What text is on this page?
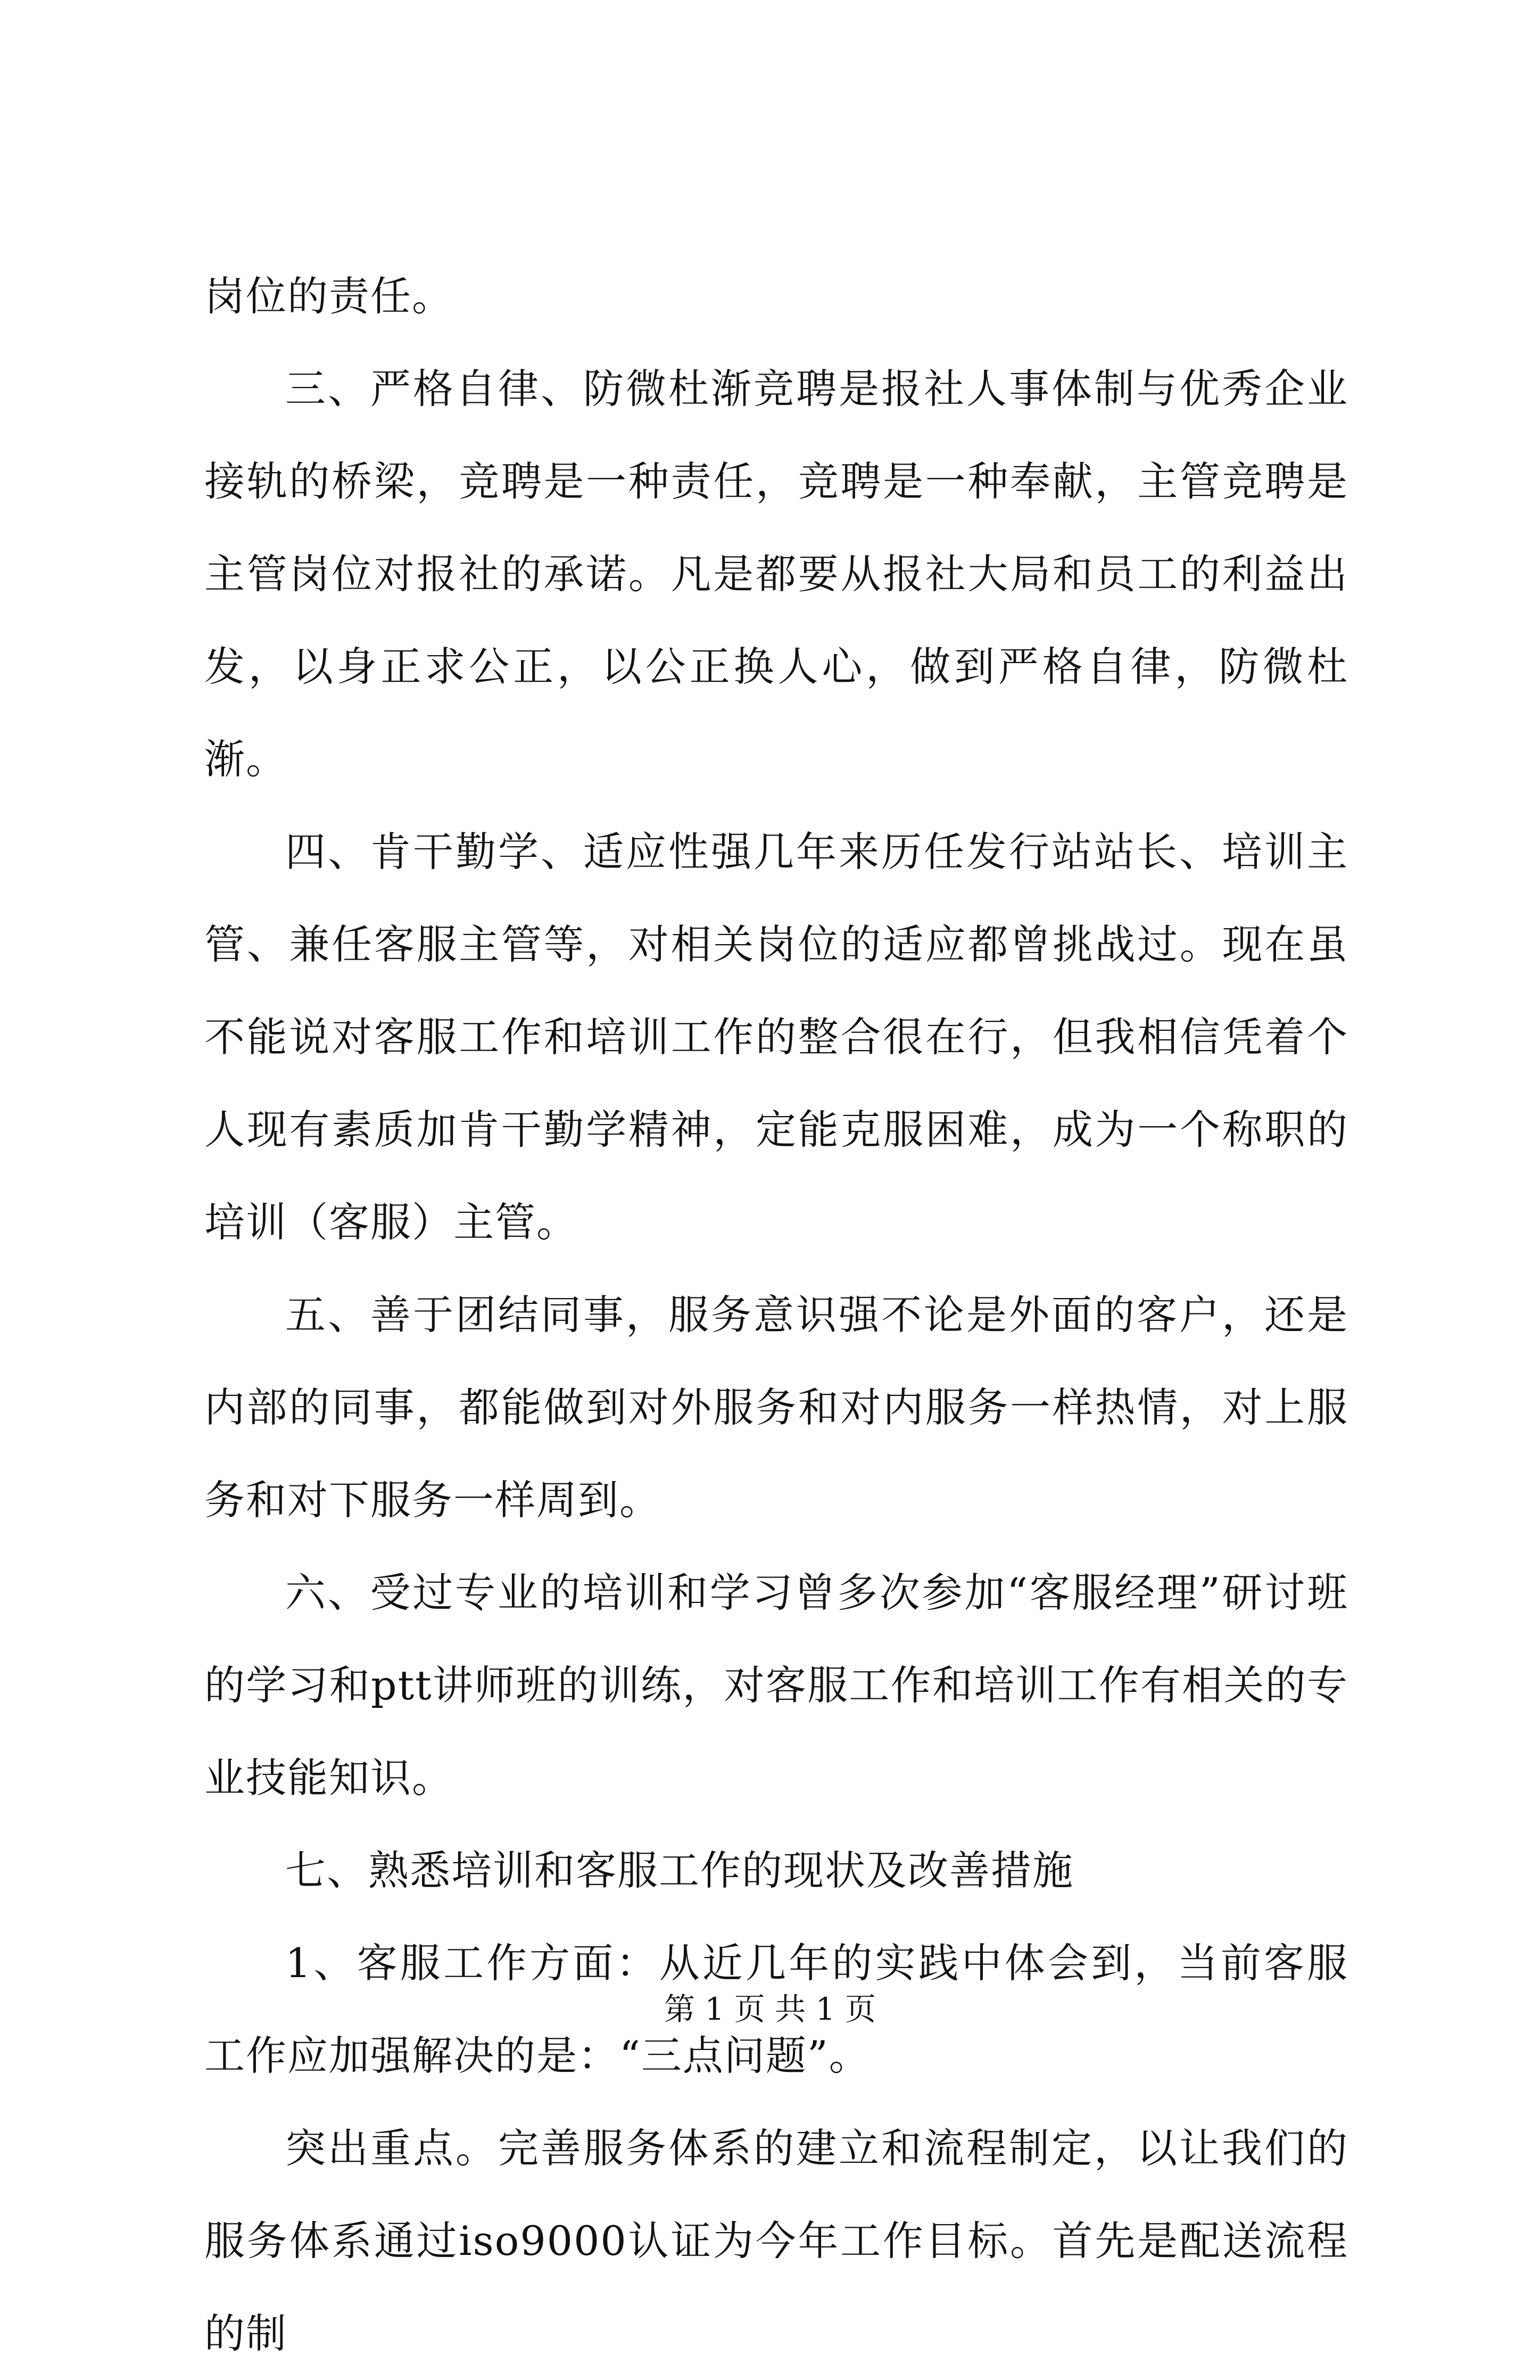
岗位的责任。

三、严格自律、防微杜渐竞聘是报社人事体制与优秀企业接轨的桥梁，竞聘是一种责任，竞聘是一种奉献，主管竞聘是主管岗位对报社的承诺。凡是都要从报社大局和员工的利益出发，以身正求公正，以公正换人心，做到严格自律，防微杜渐。

四、肯干勤学、适应性强几年来历任发行站站长、培训主管、兼任客服主管等，对相关岗位的适应都曾挑战过。现在虽不能说对客服工作和培训工作的整合很在行，但我相信凭着个人现有素质加肯干勤学精神，定能克服困难，成为一个称职的培训（客服）主管。

五、善于团结同事，服务意识强不论是外面的客户，还是内部的同事，都能做到对外服务和对内服务一样热情，对上服务和对下服务一样周到。

六、受过专业的培训和学习曾多次参加“客服经理”研讨班的学习和ptt讲师班的训练，对客服工作和培训工作有相关的专业技能知识。

七、熟悉培训和客服工作的现状及改善措施

1、客服工作方面：从近几年的实践中体会到，当前客服工作应加强解决的是：“三点问题”。

突出重点。完善服务体系的建立和流程制定，以让我们的服务体系通过iso9000认证为今年工作目标。首先是配送流程的制

第 1 页 共 1 页
